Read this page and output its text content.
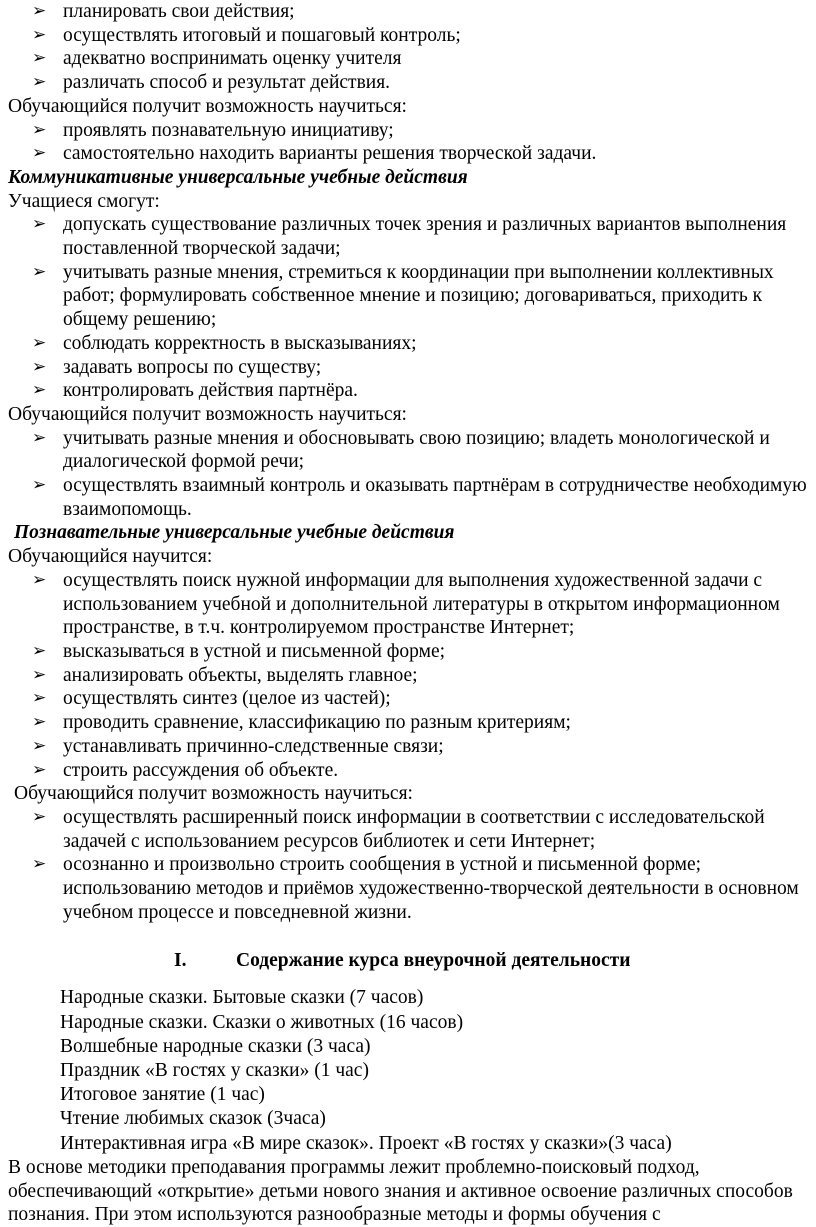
➢ планировать свои действия;
➢ осуществлять итоговый и пошаговый контроль;
➢ адекватно воспринимать оценку учителя
➢ различать способ и результат действия.

Обучающийся получит возможность научиться:

➢ проявлять познавательную инициативу;
➢ самостоятельно находить варианты решения творческой задачи.

Коммуникативные универсальные учебные действия

Учащиеся смогут:

➢ допускать существование различных точек зрения и различных вариантов выполнения поставленной творческой задачи;
➢ учитывать разные мнения, стремиться к координации при выполнении коллективных работ; формулировать собственное мнение и позицию; договариваться, приходить к общему решению;
➢ соблюдать корректность в высказываниях;
➢ задавать вопросы по существу;
➢ контролировать действия партнёра.

Обучающийся получит возможность научиться:

➢ учитывать разные мнения и обосновывать свою позицию; владеть монологической и диалогической формой речи;
➢ осуществлять взаимный контроль и оказывать партнёрам в сотрудничестве необходимую взаимопомощь.

Познавательные универсальные учебные действия

Обучающийся научится:

➢ осуществлять поиск нужной информации для выполнения художественной задачи с использованием учебной и дополнительной литературы в открытом информационном пространстве, в т.ч. контролируемом пространстве Интернет;
➢ высказываться в устной и письменной форме;
➢ анализировать объекты, выделять главное;
➢ осуществлять синтез (целое из частей);
➢ проводить сравнение, классификацию по разным критериям;
➢ устанавливать причинно-следственные связи;
➢ строить рассуждения об объекте.

Обучающийся получит возможность научиться:

➢ осуществлять расширенный поиск информации в соответствии с исследовательской задачей с использованием ресурсов библиотек и сети Интернет;
➢ осознанно и произвольно строить сообщения в устной и письменной форме; использованию методов и приёмов художественно-творческой деятельности в основном учебном процессе и повседневной жизни.
I.	Содержание курса внеурочной деятельности
Народные сказки. Бытовые сказки (7 часов)
Народные сказки. Сказки о животных (16 часов)
Волшебные народные сказки (3 часа)
Праздник «В гостях у сказки» (1 час)
Итоговое занятие (1 час)
Чтение любимых сказок (3часа)
Интерактивная игра «В мире сказок». Проект «В гостях у сказки»(3 часа)

В основе методики преподавания программы лежит проблемно-поисковый подход, обеспечивающий «открытие» детьми нового знания и активное освоение различных способов познания. При этом используются разнообразные методы и формы обучения с
